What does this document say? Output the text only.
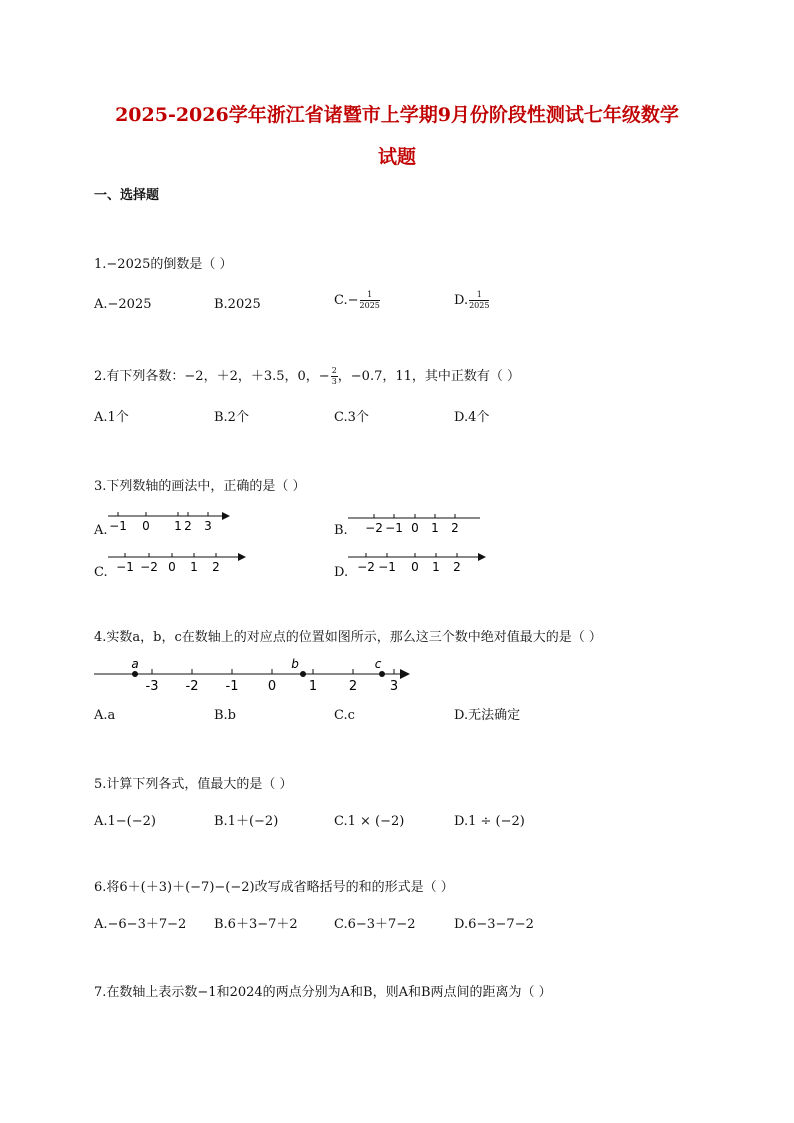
2025-2026学年浙江省诸暨市上学期9月份阶段性测试七年级数学
试题
一、选择题
1.−2025的倒数是（ ）
A.−2025	B.2025	$C.- \frac{1}{2025}$	D. $\frac{1}{2025}$
2.有下列各数：−2，＋2，＋3.5，0，− $\frac{2}{3}$ ，−0.7，11，其中正数有（ ）
A.1个	B.2个	C.3个	D.4个
3.下列数轴的画法中，正确的是（ ）
A. −1 0 1 2 3	B. −2 −1 0 1 2
C. −1 −2 0 1 2	D. −2 −1 0 1 2
4.实数a，b，c在数轴上的对应点的位置如图所示，那么这三个数中绝对值最大的是（ ）
-3 -2 -1 0	1 2	3
a	b	c
A.a	B.b	C.c	D.无法确定
5.计算下列各式，值最大的是（ ）
A.1−(−2)	B.1＋(−2)	C.1 × (−2)	D.1 ÷ (−2)
6.将6＋(＋3)＋(−7)−(−2)改写成省略括号的和的形式是（ ）
A.−6−3＋7−2 B.6＋3−7＋2	C.6−3＋7−2	D.6−3−7−2
7.在数轴上表示数−1和2024的两点分别为A和B，则A和B两点间的距离为（ ）
